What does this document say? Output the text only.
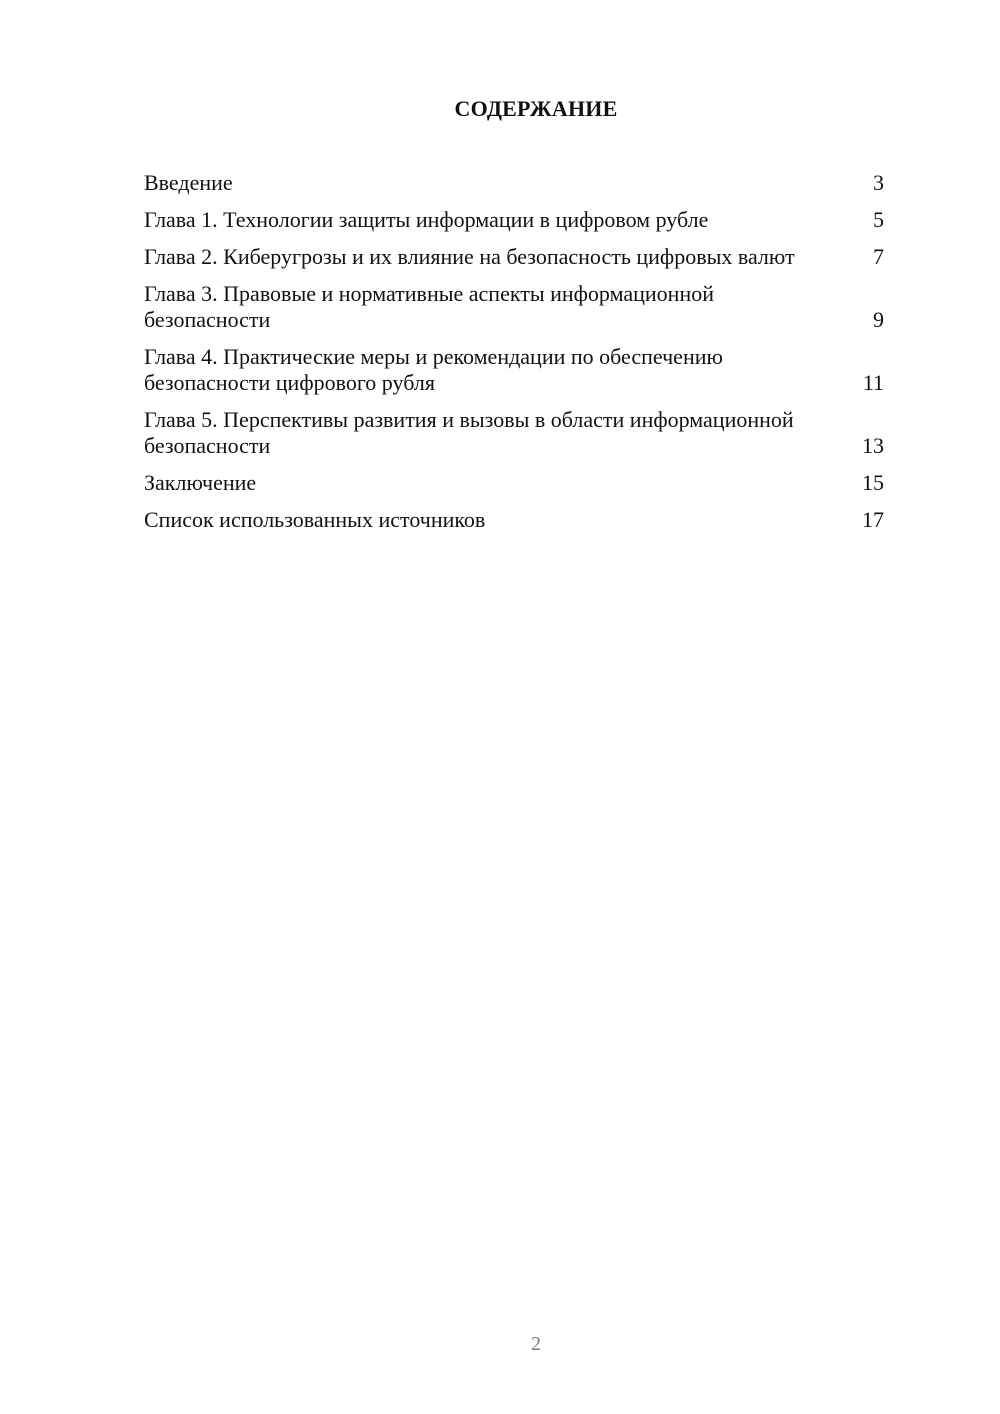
СОДЕРЖАНИЕ
Введение	3
Глава 1. Технологии защиты информации в цифровом рубле	5
Глава 2. Киберугрозы и их влияние на безопасность цифровых валют	7
Глава 3. Правовые и нормативные аспекты информационной безопасности	9
Глава 4. Практические меры и рекомендации по обеспечению безопасности цифрового рубля	11
Глава 5. Перспективы развития и вызовы в области информационной безопасности	13
Заключение	15
Список использованных источников	17
2
